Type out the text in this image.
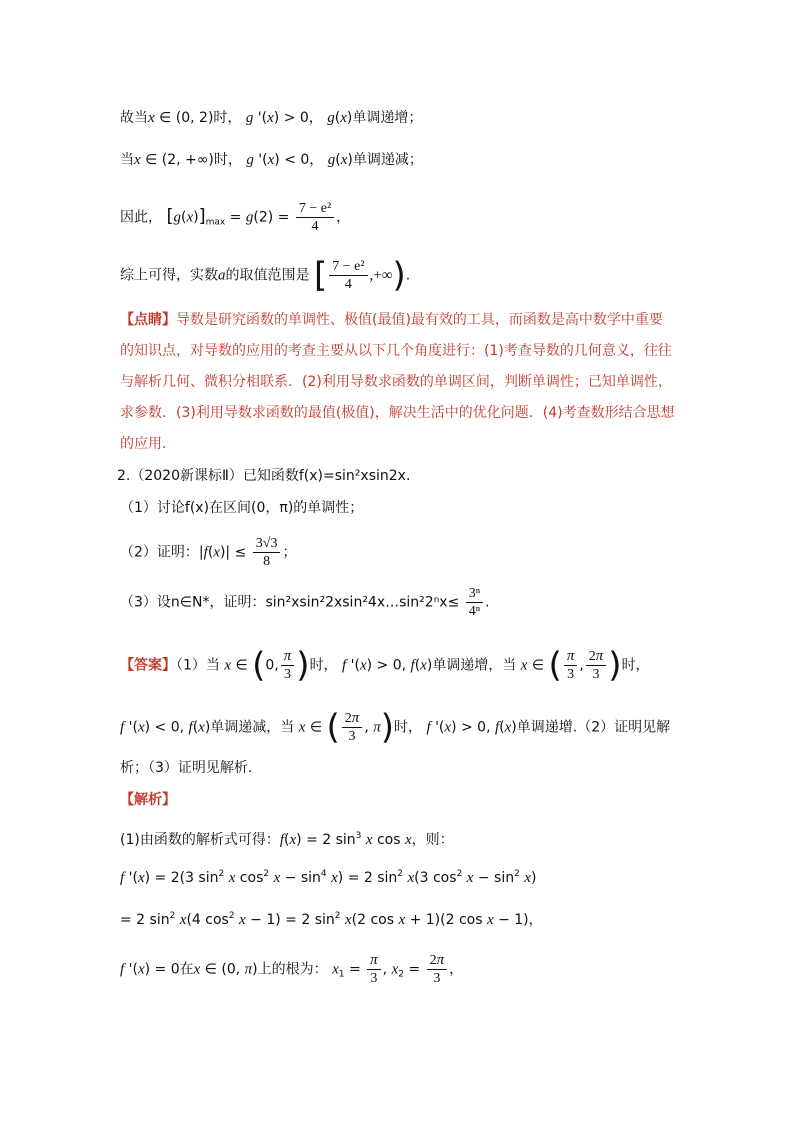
故当x ∈ (0, 2)时， g '(x) > 0， g(x)单调递增；
当x ∈ (2, +∞)时， g '(x) < 0， g(x)单调递减；
因此， $[g(x)]_{max} = g(2) = \frac{\text{7 − e²}}{4}$ ，
综上可得，实数a的取值范围是 [ $\frac{\text{7 − e²}}{4}$ ,+∞).
【点睛】导数是研究函数的单调性、极值(最值)最有效的工具，而函数是高中数学中重要的知识点，对导数的应用的考查主要从以下几个角度进行：(1)考查导数的几何意义，往往与解析几何、微积分相联系．(2)利用导数求函数的单调区间，判断单调性；已知单调性，求参数．(3)利用导数求函数的最值(极值)，解决生活中的优化问题．(4)考查数形结合思想的应用．
2.（2020新课标Ⅱ）已知函数f(x)=sin²xsin2x.
（1）讨论f(x)在区间(0，π)的单调性；
（2）证明：$|f(x)| \le \frac{3√3}{8}$ ；
（3）设n∈N*，证明：sin²xsin²2xsin²4x…sin²2ⁿx≤ $\frac{\text{3ⁿ}}{\text{4ⁿ}}$ .
【答案】（1）当 x ∈ (0, $\frac{\pi}{3}$ )时， f '(x) > 0, f(x)单调递增，当 x ∈ ( $\frac{\pi}{3}$ , $\frac{2\pi}{3}$ )时，
f '(x) < 0, f(x)单调递减，当 x ∈ ( $\frac{2\pi}{3}$ , π)时， f '(x) > 0, f(x)单调递增.（2）证明见解
析；（3）证明见解析.
【解析】
(1)由函数的解析式可得：f(x) = 2 $\sin^3 x$ cos x，则：
f '(x) = 2(3 $\sin^2 x$ $\cos^2 x - \sin^4 x) = 2$ $\sin^2 x(3$ $\cos^2 x - \sin^2 x$)
= 2 $\sin^2 x(4$ $\cos^2 x - 1) = 2$ $\sin^2 x(2$ cos x + 1)(2 cos x − 1)，
f '(x) = 0在x ∈ (0, π)上的根为： $x_1 = \frac{\pi}{3}$ , $x_2 = \frac{2\pi}{3}$ ，
